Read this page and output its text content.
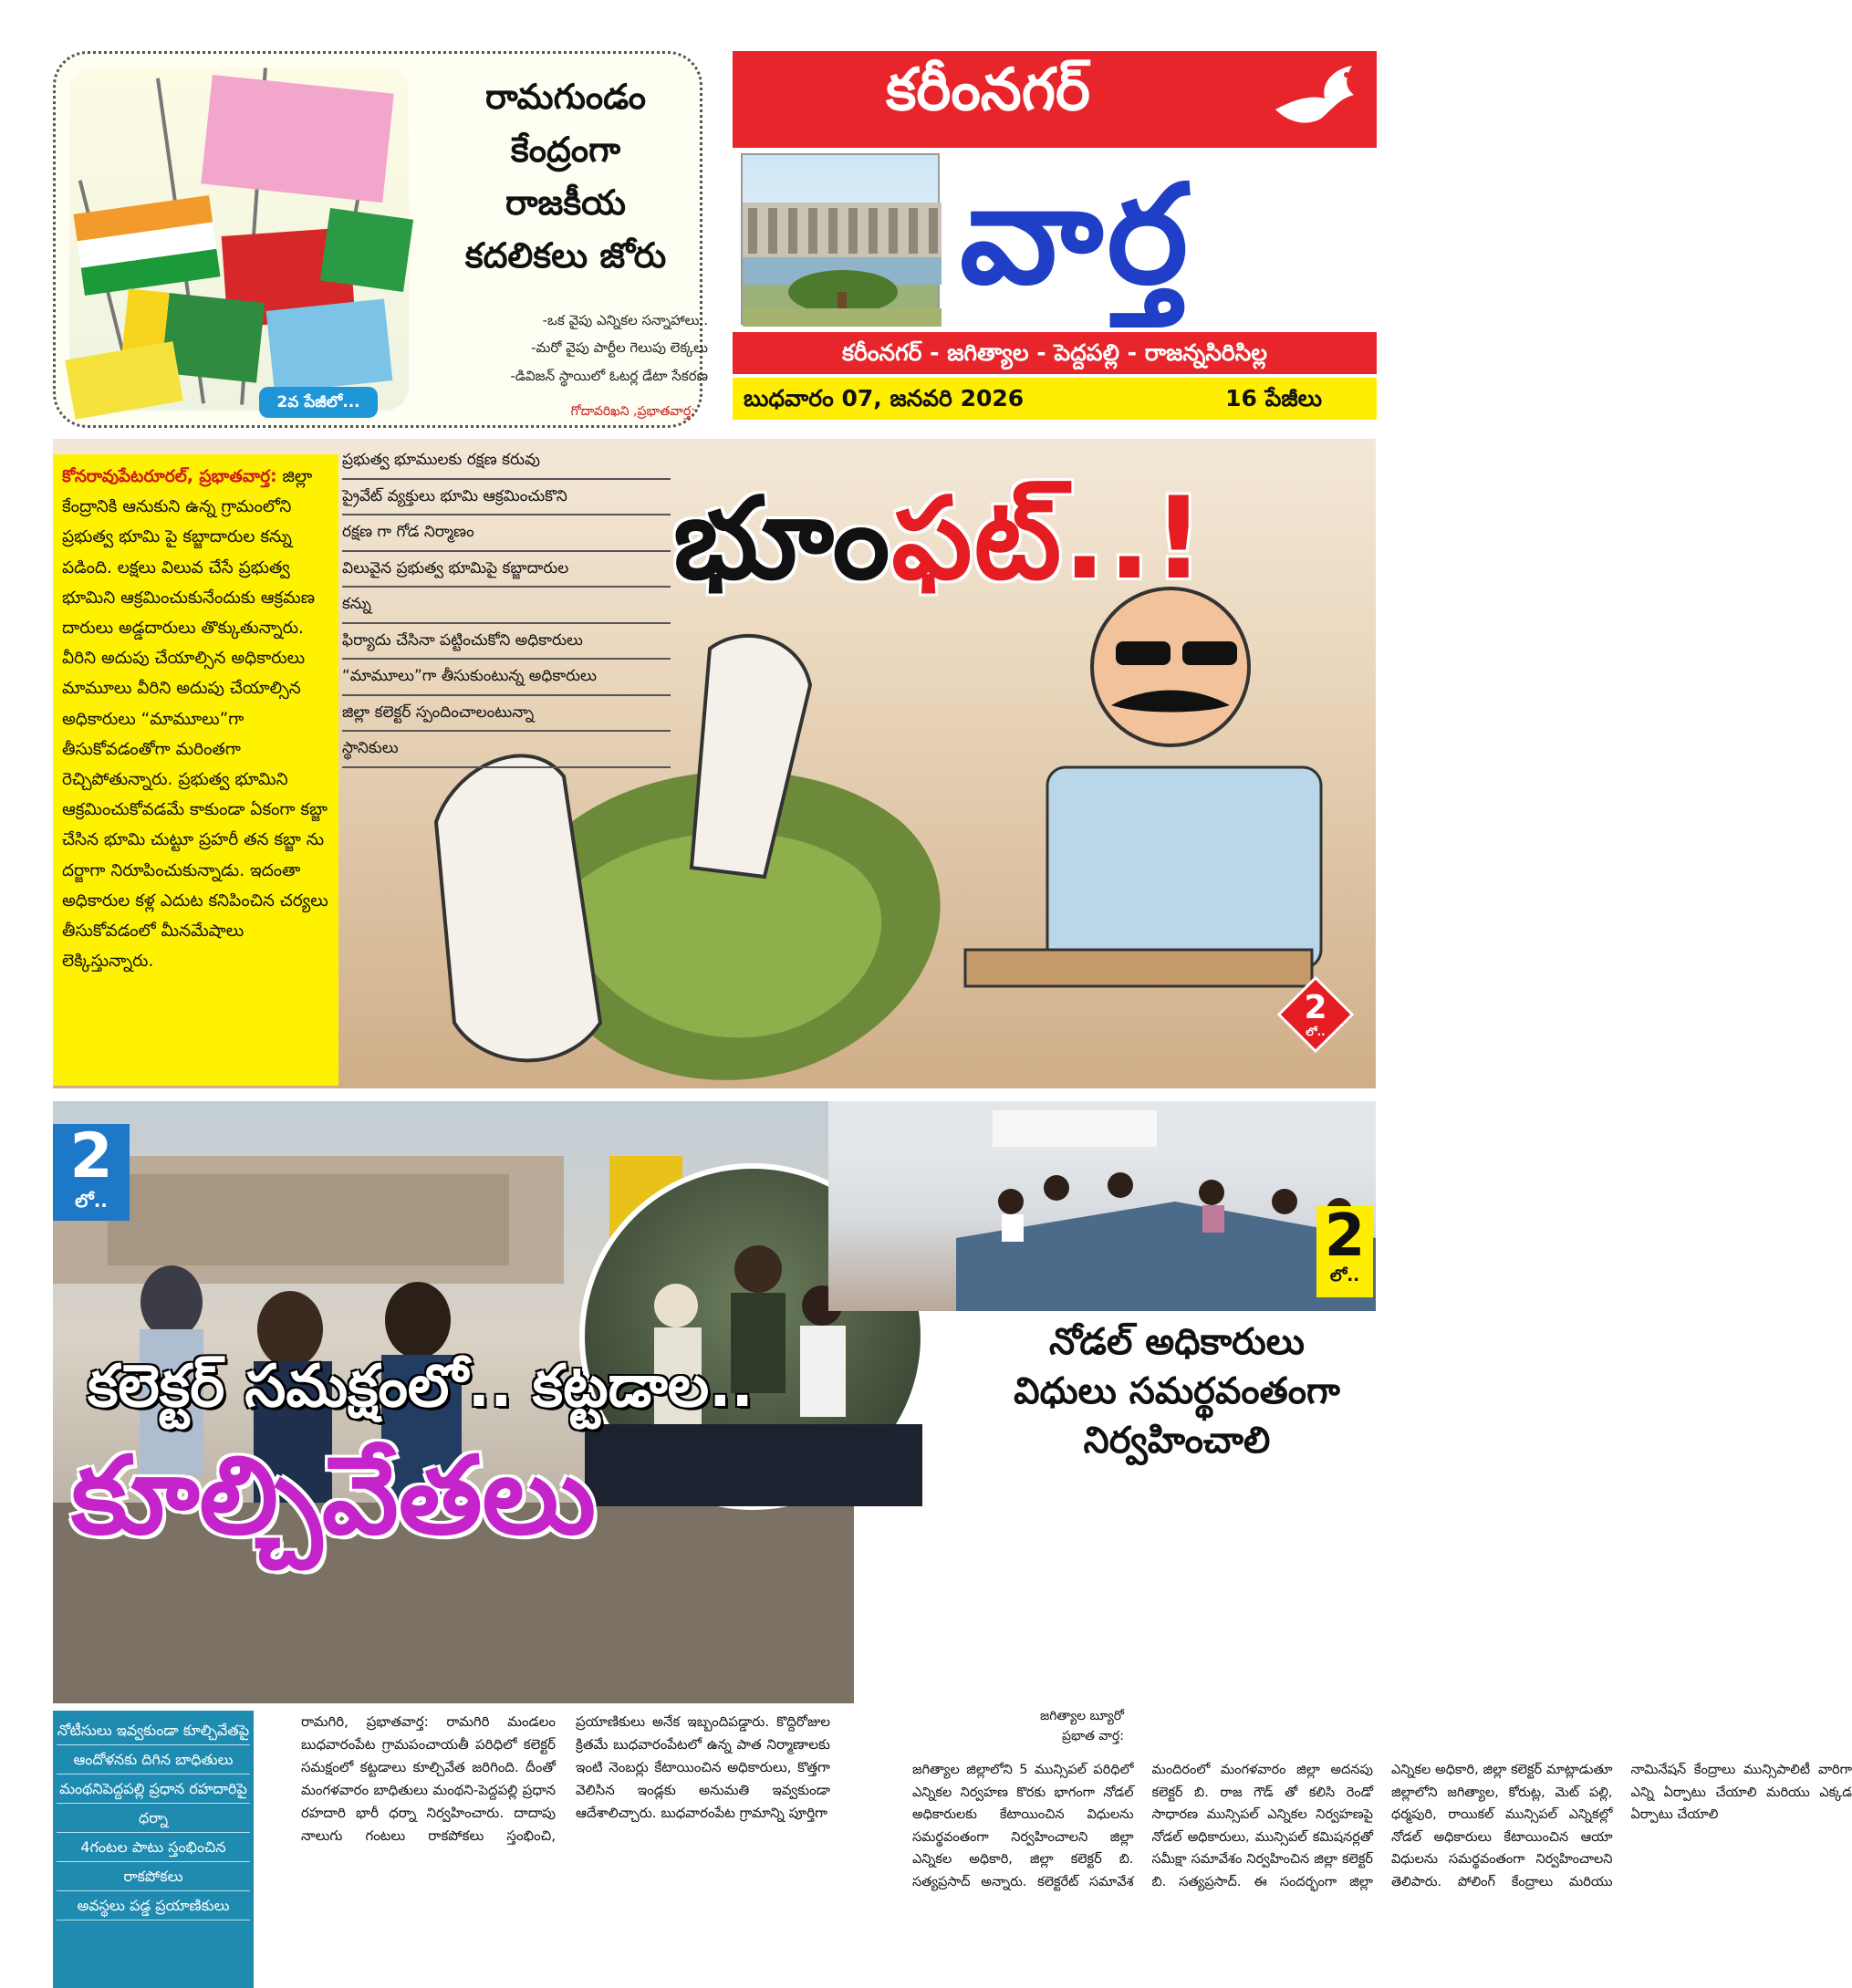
2వ పేజీలో...
రామగుండం
కేంద్రంగా
రాజకీయ
కదలికలు జోరు
-ఒక వైపు ఎన్నికల సన్నాహాలు..
-మరో వైపు పార్టీల గెలుపు లెక్కలు
-డివిజన్ స్థాయిలో ఓటర్ల డేటా సేకరణ
గోదావరిఖని ,ప్రభాతవార్త:
కరీంనగర్
వార్త
కరీంనగర్ - జగిత్యాల - పెద్దపల్లి - రాజన్నసిరిసిల్ల
బుధవారం 07, జనవరి 2026	16 పేజీలు

కోనరావుపేటరూరల్, ప్రభాతవార్త: జిల్లా కేంద్రానికి ఆనుకుని ఉన్న గ్రామంలోని ప్రభుత్వ భూమి పై కబ్జాదారుల కన్ను పడింది. లక్షలు విలువ చేసే ప్రభుత్వ భూమిని ఆక్రమించుకునేందుకు ఆక్రమణ దారులు అడ్డదారులు తొక్కుతున్నారు. వీరిని అదుపు చేయాల్సిన అధికారులు మామూలు వీరిని అదుపు చేయాల్సిన అధికారులు “మామూలు”గా తీసుకోవడంతోగా మరింతగా రెచ్చిపోతున్నారు. ప్రభుత్వ భూమిని ఆక్రమించుకోవడమే కాకుండా ఏకంగా కబ్జా చేసిన భూమి చుట్టూ ప్రహరీ తన కబ్జా ను దర్జాగా నిరూపించుకున్నాడు. ఇదంతా అధికారుల కళ్ల ఎదుట కనిపించిన చర్యలు తీసుకోవడంలో మీనమేషాలు లెక్కిస్తున్నారు.

ప్రభుత్వ భూములకు రక్షణ కరువు
ప్రైవేట్ వ్యక్తులు భూమి ఆక్రమించుకొని
రక్షణ గా గోడ నిర్మాణం
విలువైన ప్రభుత్వ భూమిపై కబ్జాదారుల
కన్ను
ఫిర్యాదు చేసినా పట్టించుకోని అధికారులు
“మామూలు”గా తీసుకుంటున్న అధికారులు
జిల్లా కలెక్టర్ స్పందించాలంటున్నా
స్థానికులు
భూంఫట్..!
2
లో..
2
లో..
కలెక్టర్ సమక్షంలో.. కట్టడాల..
కూల్చివేతలు
నోటీసులు ఇవ్వకుండా కూల్చివేతపై
ఆందోళనకు దిగిన బాధితులు
మంథనిపెద్దపల్లి ప్రధాన రహదారిపై
ధర్నా
4గంటల పాటు స్తంభించిన
రాకపోకలు
అవస్థలు పడ్డ ప్రయాణికులు
రామగిరి, ప్రభాతవార్త: రామగిరి మండలం బుధవారంపేట గ్రామపంచాయతీ పరిధిలో కలెక్టర్ సమక్షంలో కట్టడాలు కూల్చివేత జరిగింది. దీంతో మంగళవారం బాధితులు మంథని-పెద్దపల్లి ప్రధాన రహదారి భారీ ధర్నా నిర్వహించారు. దాదాపు నాలుగు గంటలు రాకపోకలు స్తంభించి, ప్రయాణికులు అనేక ఇబ్బందిపడ్డారు. కొద్దిరోజుల క్రితమే బుధవారంపేటలో ఉన్న పాత నిర్మాణాలకు ఇంటి నెంబర్లు కేటాయించిన అధికారులు, కొత్తగా వెలిసిన ఇండ్లకు అనుమతి ఇవ్వకుండా ఆదేశాలిచ్చారు. బుధవారంపేట గ్రామాన్ని పూర్తిగా
2
లో..
నోడల్ అధికారులు
విధులు సమర్థవంతంగా
నిర్వహించాలి
జగిత్యాల బ్యూరో
ప్రభాత వార్త:
జగిత్యాల జిల్లాలోని 5 మున్సిపల్ పరిధిలో ఎన్నికల నిర్వహణ కొరకు భాగంగా నోడల్ అధికారులకు కేటాయించిన విధులను సమర్థవంతంగా నిర్వహించాలని జిల్లా ఎన్నికల అధికారి, జిల్లా కలెక్టర్ బి. సత్యప్రసాద్ అన్నారు. కలెక్టరేట్ సమావేశ మందిరంలో మంగళవారం జిల్లా అదనపు కలెక్టర్ బి. రాజ గౌడ్ తో కలిసి రెండో సాధారణ మున్సిపల్ ఎన్నికల నిర్వహణపై నోడల్ అధికారులు, మున్సిపల్ కమిషనర్లతో సమీక్షా సమావేశం నిర్వహించిన జిల్లా కలెక్టర్ బి. సత్యప్రసాద్. ఈ సందర్భంగా జిల్లా ఎన్నికల అధికారి, జిల్లా కలెక్టర్ మాట్లాడుతూ జిల్లాలోని జగిత్యాల, కోరుట్ల, మెట్ పల్లి, ధర్మపురి, రాయికల్ మున్సిపల్ ఎన్నికల్లో నోడల్ అధికారులు కేటాయించిన ఆయా విధులను సమర్థవంతంగా నిర్వహించాలని తెలిపారు. పోలింగ్ కేంద్రాలు మరియు నామినేషన్ కేంద్రాలు మున్సిపాలిటీ వారిగా ఎన్ని ఏర్పాటు చేయాలి మరియు ఎక్కడ ఏర్పాటు చేయాలి
